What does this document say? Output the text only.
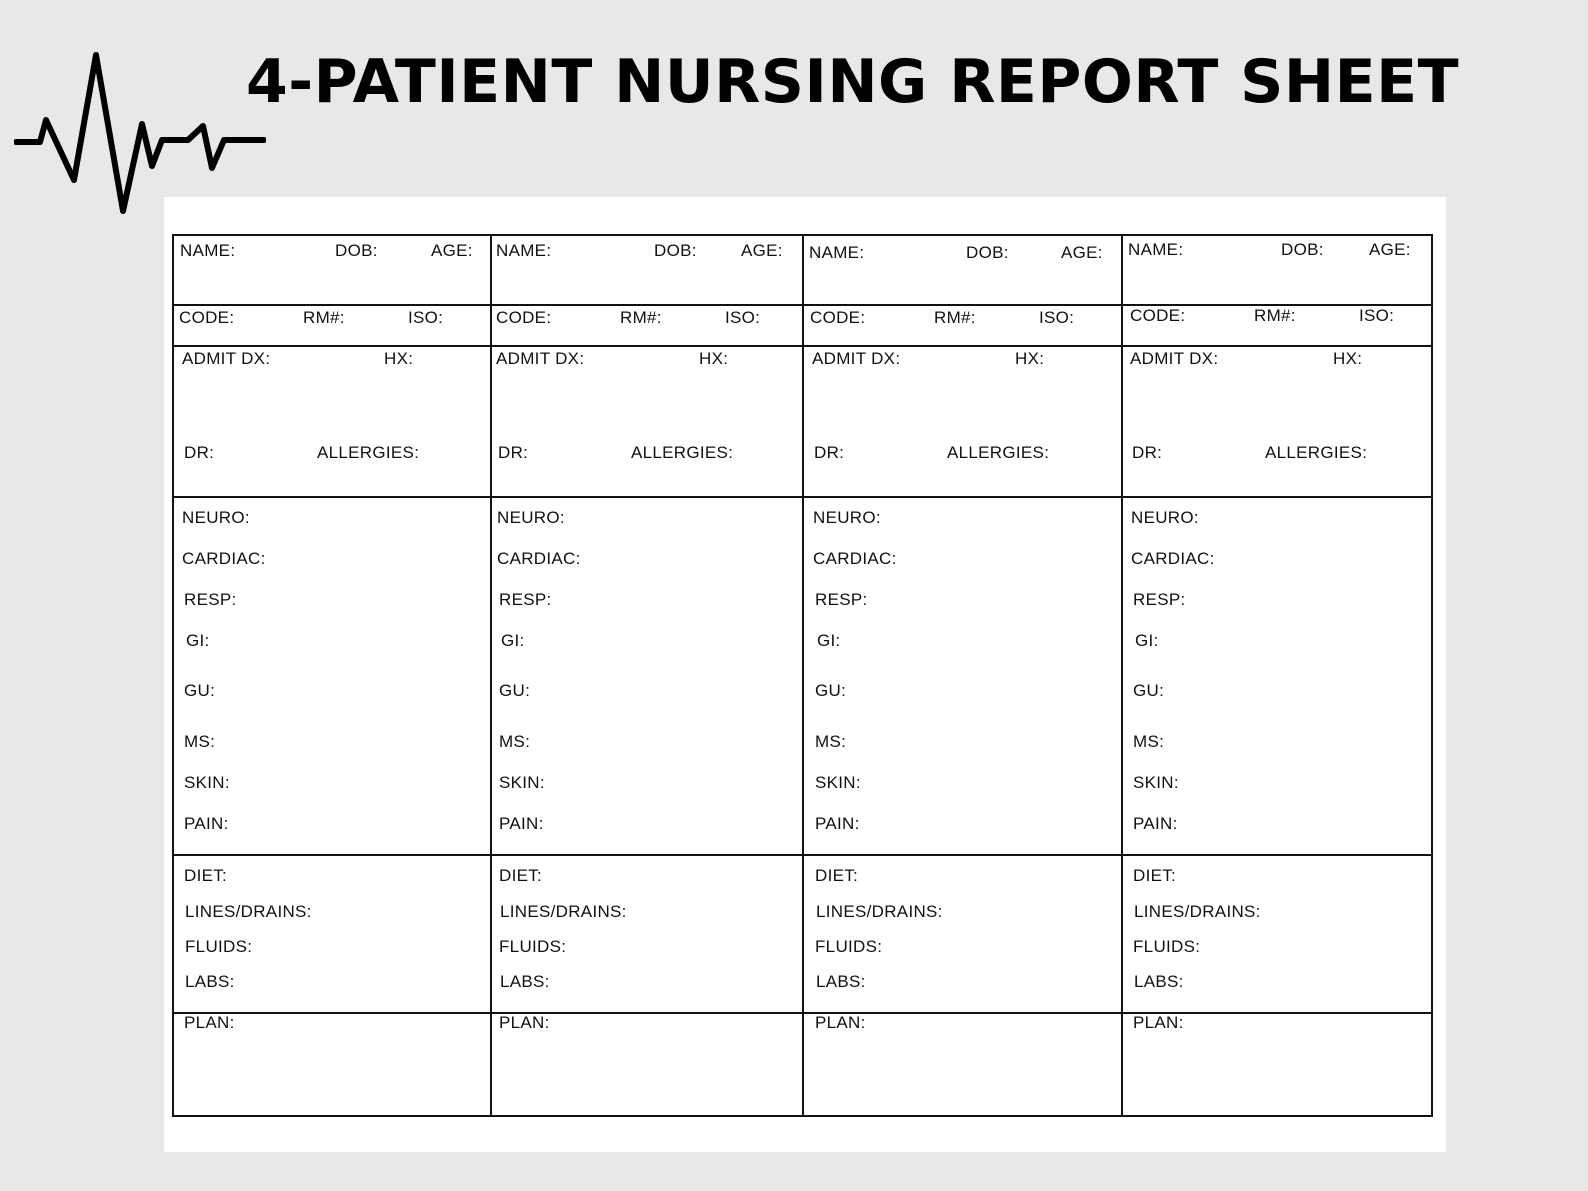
4-PATIENT NURSING REPORT SHEET
NAME:	DOB:	AGE:
CODE:	RM#:	ISO:
ADMIT DX:	HX:
DR:	ALLERGIES:
NEURO:
CARDIAC:
RESP:
GI:
GU:
MS:
SKIN:
PAIN:
DIET:
LINES/DRAINS:
FLUIDS:
LABS:
PLAN:
NAME:	DOB:	AGE:
CODE:	RM#:	ISO:
ADMIT DX:	HX:
DR:	ALLERGIES:
NEURO:
CARDIAC:
RESP:
GI:
GU:
MS:
SKIN:
PAIN:
DIET:
LINES/DRAINS:
FLUIDS:
LABS:
PLAN:
NAME:	DOB:	AGE:
CODE:	RM#:	ISO:
ADMIT DX:	HX:
DR:	ALLERGIES:
NEURO:
CARDIAC:
RESP:
GI:
GU:
MS:
SKIN:
PAIN:
DIET:
LINES/DRAINS:
FLUIDS:
LABS:
PLAN:
NAME:	DOB:	AGE:
CODE:	RM#:	ISO:
ADMIT DX:	HX:
DR:	ALLERGIES:
NEURO:
CARDIAC:
RESP:
GI:
GU:
MS:
SKIN:
PAIN:
DIET:
LINES/DRAINS:
FLUIDS:
LABS:
PLAN:
